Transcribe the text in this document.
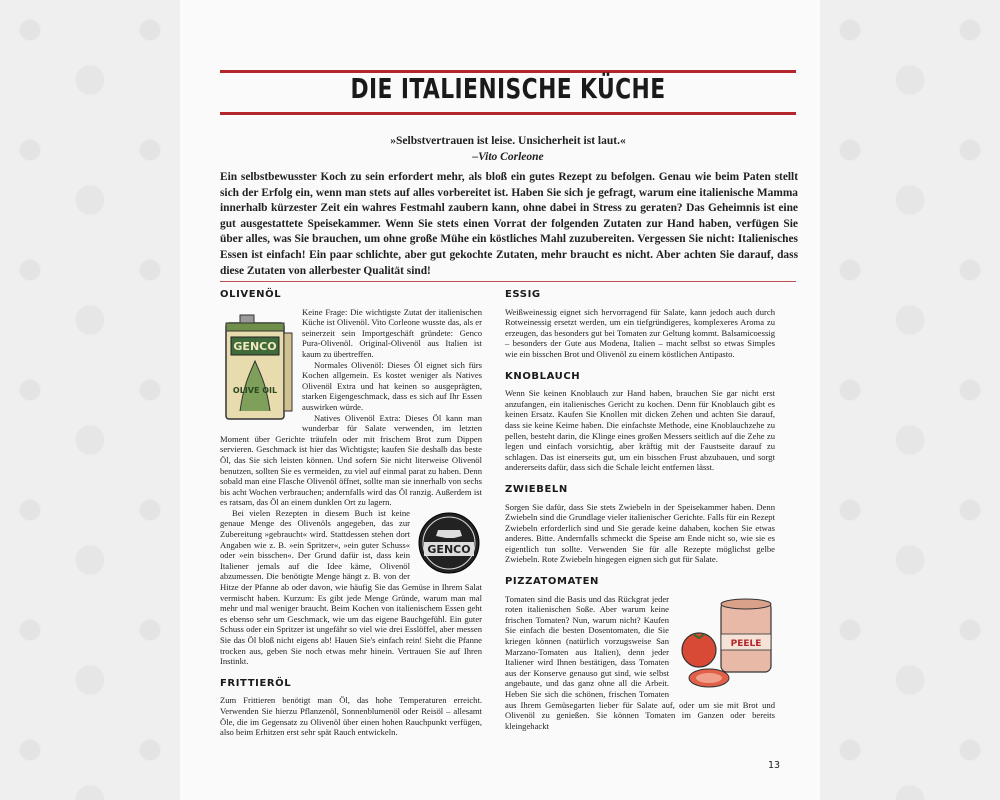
DIE ITALIENISCHE KÜCHE
»Selbstvertrauen ist leise. Unsicherheit ist laut.«
–Vito Corleone
Ein selbstbewusster Koch zu sein erfordert mehr, als bloß ein gutes Rezept zu befolgen. Genau wie beim Paten stellt sich der Erfolg ein, wenn man stets auf alles vorbereitet ist. Haben Sie sich je gefragt, warum eine italienische Mamma innerhalb kürzester Zeit ein wahres Festmahl zaubern kann, ohne dabei in Stress zu geraten? Das Geheimnis ist eine gut ausgestattete Speisekammer. Wenn Sie stets einen Vorrat der folgenden Zutaten zur Hand haben, verfügen Sie über alles, was Sie brauchen, um ohne große Mühe ein köstliches Mahl zuzubereiten. Vergessen Sie nicht: Italienisches Essen ist einfach! Ein paar schlichte, aber gut gekochte Zutaten, mehr braucht es nicht. Aber achten Sie darauf, dass diese Zutaten von allerbester Qualität sind!
OLIVENÖL
GENCO
OLIVE OIL

Keine Frage: Die wichtigste Zutat der italienischen Küche ist Olivenöl. Vito Corleone wusste das, als er seinerzeit sein Importgeschäft gründete: Genco Pura-Olivenöl. Original-Olivenöl aus Italien ist kaum zu übertreffen.

Normales Olivenöl: Dieses Öl eignet sich fürs Kochen allgemein. Es kostet weniger als Natives Olivenöl Extra und hat keinen so ausgeprägten, starken Eigengeschmack, dass es sich auf Ihr Essen auswirken würde.

Natives Olivenöl Extra: Dieses Öl kann man wunderbar für Salate verwenden, im letzten Moment über Gerichte träufeln oder mit frischem Brot zum Dippen servieren. Geschmack ist hier das Wichtigste; kaufen Sie deshalb das beste Öl, das Sie sich leisten können. Und sofern Sie nicht literweise Olivenöl benutzen, sollten Sie es vermeiden, zu viel auf einmal parat zu haben. Denn sobald man eine Flasche Olivenöl öffnet, sollte man sie innerhalb von sechs bis acht Wochen verbrauchen; andernfalls wird das Öl ranzig. Außerdem ist es ratsam, das Öl an einem dunklen Ort zu lagern.

GENCO

Bei vielen Rezepten in diesem Buch ist keine genaue Menge des Olivenöls angegeben, das zur Zubereitung »gebraucht« wird. Stattdessen stehen dort Angaben wie z. B. »ein Spritzer«, »ein guter Schuss« oder »ein bisschen«. Der Grund dafür ist, dass kein Italiener jemals auf die Idee käme, Olivenöl abzumessen. Die benötigte Menge hängt z. B. von der Hitze der Pfanne ab oder davon, wie häufig Sie das Gemüse in Ihrem Salat vermischt haben. Kurzum: Es gibt jede Menge Gründe, warum man mal mehr und mal weniger braucht. Beim Kochen von italienischem Essen geht es ebenso sehr um Geschmack, wie um das eigene Bauchgefühl. Ein guter Schuss oder ein Spritzer ist ungefähr so viel wie drei Esslöffel, aber messen Sie das Öl bloß nicht eigens ab! Hauen Sie's einfach rein! Sieht die Pfanne trocken aus, geben Sie noch etwas mehr hinein. Vertrauen Sie auf Ihren Instinkt.

FRITTIERÖL

Zum Frittieren benötigt man Öl, das hohe Temperaturen erreicht. Verwenden Sie hierzu Pflanzenöl, Sonnenblumenöl oder Reisöl – allesamt Öle, die im Gegensatz zu Olivenöl über einen hohen Rauchpunkt verfügen, also beim Erhitzen erst sehr spät Rauch entwickeln.

ESSIG

Weißweinessig eignet sich hervorragend für Salate, kann jedoch auch durch Rotweinessig ersetzt werden, um ein tiefgründigeres, komplexeres Aroma zu erzeugen, das besonders gut bei Tomaten zur Geltung kommt. Balsamicoessig – besonders der Gute aus Modena, Italien – macht selbst so etwas Simples wie ein bisschen Brot und Olivenöl zu einem köstlichen Antipasto.

KNOBLAUCH

Wenn Sie keinen Knoblauch zur Hand haben, brauchen Sie gar nicht erst anzufangen, ein italienisches Gericht zu kochen. Denn für Knoblauch gibt es keinen Ersatz. Kaufen Sie Knollen mit dicken Zehen und achten Sie darauf, dass sie keine Keime haben. Die einfachste Methode, eine Knoblauchzehe zu pellen, besteht darin, die Klinge eines großen Messers seitlich auf die Zehe zu legen und einfach vorsichtig, aber kräftig mit der Faustseite darauf zu schlagen. Das ist einerseits gut, um ein bisschen Frust abzubauen, und sorgt andererseits dafür, dass sich die Schale leicht entfernen lässt.

ZWIEBELN

Sorgen Sie dafür, dass Sie stets Zwiebeln in der Speisekammer haben. Denn Zwiebeln sind die Grundlage vieler italienischer Gerichte. Falls für ein Rezept Zwiebeln erforderlich sind und Sie gerade keine dahaben, kochen Sie etwas anderes. Bitte. Andernfalls schmeckt die Speise am Ende nicht so, wie sie es eigentlich tun sollte. Verwenden Sie für alle Rezepte möglichst gelbe Zwiebeln. Rote Zwiebeln hingegen eignen sich gut für Salate.

PIZZATOMATEN
PEELE

Tomaten sind die Basis und das Rückgrat jeder roten italienischen Soße. Aber warum keine frischen Tomaten? Nun, warum nicht? Kaufen Sie einfach die besten Dosentomaten, die Sie kriegen können (natürlich vorzugsweise San Marzano-Tomaten aus Italien), denn jeder Italiener wird Ihnen bestätigen, dass Tomaten aus der Konserve genauso gut sind, wie selbst angebaute, und das ganz ohne all die Arbeit. Heben Sie sich die schönen, frischen Tomaten aus Ihrem Gemüsegarten lieber für Salate auf, oder um sie mit Brot und Olivenöl zu genießen. Sie können Tomaten im Ganzen oder bereits kleingehackt

13
